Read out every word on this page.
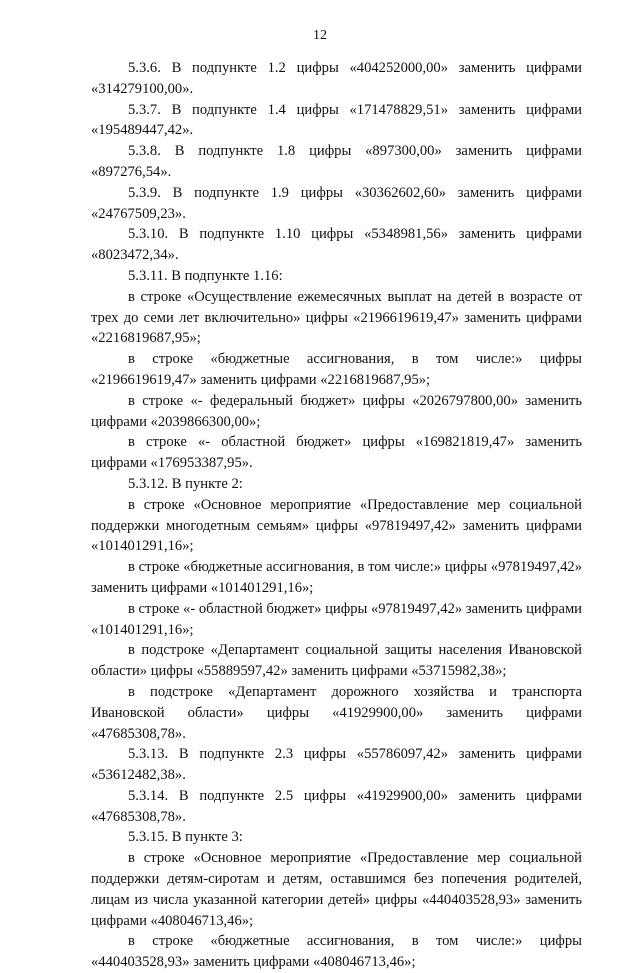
12

5.3.6. В подпункте 1.2 цифры «404252000,00» заменить цифрами «314279100,00».

5.3.7. В подпункте 1.4 цифры «171478829,51» заменить цифрами «195489447,42».

5.3.8. В подпункте 1.8 цифры «897300,00» заменить цифрами «897276,54».

5.3.9. В подпункте 1.9 цифры «30362602,60» заменить цифрами «24767509,23».

5.3.10. В подпункте 1.10 цифры «5348981,56» заменить цифрами «8023472,34».

5.3.11. В подпункте 1.16:

в строке «Осуществление ежемесячных выплат на детей в возрасте от трех до семи лет включительно» цифры «2196619619,47» заменить цифрами «2216819687,95»;

в строке «бюджетные ассигнования, в том числе:» цифры «2196619619,47» заменить цифрами «2216819687,95»;

в строке «- федеральный бюджет» цифры «2026797800,00» заменить цифрами «2039866300,00»;

в строке «- областной бюджет» цифры «169821819,47» заменить цифрами «176953387,95».

5.3.12. В пункте 2:

в строке «Основное мероприятие «Предоставление мер социальной поддержки многодетным семьям» цифры «97819497,42» заменить цифрами «101401291,16»;

в строке «бюджетные ассигнования, в том числе:» цифры «97819497,42» заменить цифрами «101401291,16»;

в строке «- областной бюджет» цифры «97819497,42» заменить цифрами «101401291,16»;

в подстроке «Департамент социальной защиты населения Ивановской области» цифры «55889597,42» заменить цифрами «53715982,38»;

в подстроке «Департамент дорожного хозяйства и транспорта Ивановской области» цифры «41929900,00» заменить цифрами «47685308,78».

5.3.13. В подпункте 2.3 цифры «55786097,42» заменить цифрами «53612482,38».

5.3.14. В подпункте 2.5 цифры «41929900,00» заменить цифрами «47685308,78».

5.3.15. В пункте 3:

в строке «Основное мероприятие «Предоставление мер социальной поддержки детям-сиротам и детям, оставшимся без попечения родителей, лицам из числа указанной категории детей» цифры «440403528,93» заменить цифрами «408046713,46»;

в строке «бюджетные ассигнования, в том числе:» цифры «440403528,93» заменить цифрами «408046713,46»;
